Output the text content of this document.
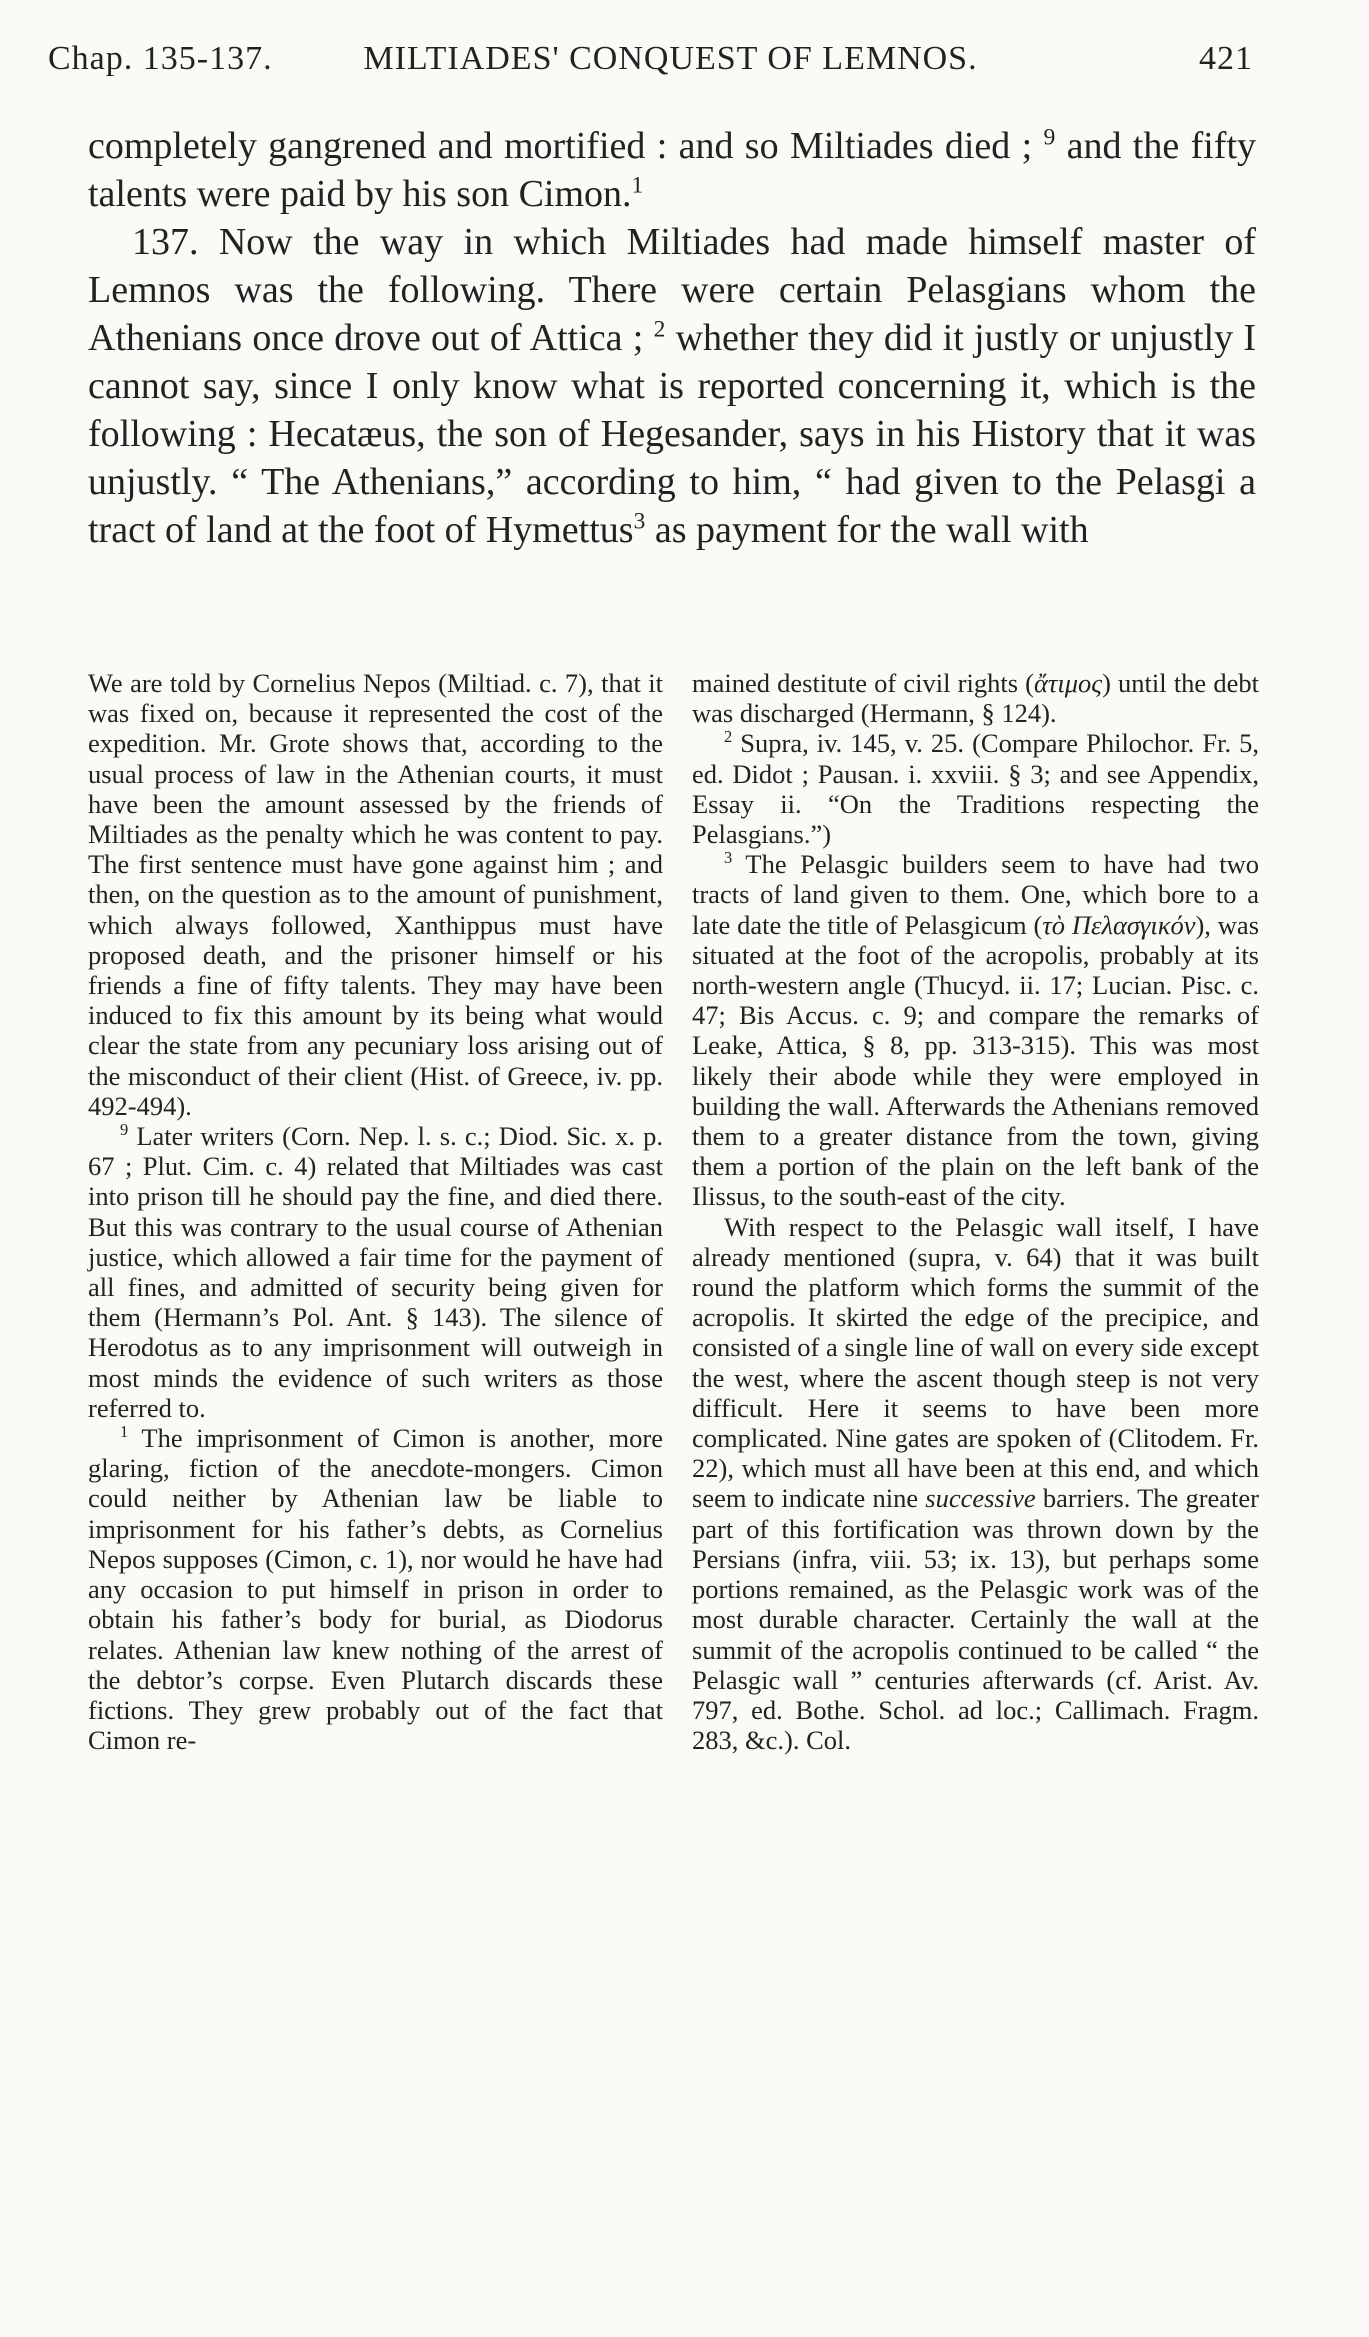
Chap. 135-137.	MILTIADES' CONQUEST OF LEMNOS.	421

completely gangrened and mortified : and so Miltiades died ; $^9$ and the fifty talents were paid by his son Cimon.$^1$

137. Now the way in which Miltiades had made himself master of Lemnos was the following. There were certain Pelasgians whom the Athenians once drove out of Attica ; $^2$ whether they did it justly or unjustly I cannot say, since I only know what is reported concerning it, which is the following : Hecatæus, the son of Hegesander, says in his History that it was unjustly. “ The Athenians,” according to him, “ had given to the Pelasgi a tract of land at the foot of Hymettus$^3$ as payment for the wall with

We are told by Cornelius Nepos (Miltiad. c. 7), that it was fixed on, because it represented the cost of the expedition. Mr. Grote shows that, according to the usual process of law in the Athenian courts, it must have been the amount assessed by the friends of Miltiades as the penalty which he was content to pay. The first sentence must have gone against him ; and then, on the question as to the amount of punishment, which always followed, Xanthippus must have proposed death, and the prisoner himself or his friends a fine of fifty talents. They may have been induced to fix this amount by its being what would clear the state from any pecuniary loss arising out of the misconduct of their client (Hist. of Greece, iv. pp. 492-494).

$^9$ Later writers (Corn. Nep. l. s. c.; Diod. Sic. x. p. 67 ; Plut. Cim. c. 4) related that Miltiades was cast into prison till he should pay the fine, and died there. But this was contrary to the usual course of Athenian justice, which allowed a fair time for the payment of all fines, and admitted of security being given for them (Hermann’s Pol. Ant. § 143). The silence of Herodotus as to any imprisonment will outweigh in most minds the evidence of such writers as those referred to.

$^1$ The imprisonment of Cimon is another, more glaring, fiction of the anecdote-mongers. Cimon could neither by Athenian law be liable to imprisonment for his father’s debts, as Cornelius Nepos supposes (Cimon, c. 1), nor would he have had any occasion to put himself in prison in order to obtain his father’s body for burial, as Diodorus relates. Athenian law knew nothing of the arrest of the debtor’s corpse. Even Plutarch discards these fictions. They grew probably out of the fact that Cimon re-

mained destitute of civil rights (ἄτιμος) until the debt was discharged (Hermann, § 124).

$^2$ Supra, iv. 145, v. 25. (Compare Philochor. Fr. 5, ed. Didot ; Pausan. i. xxviii. § 3; and see Appendix, Essay ii. “On the Traditions respecting the Pelasgians.”)

$^3$ The Pelasgic builders seem to have had two tracts of land given to them. One, which bore to a late date the title of Pelasgicum (τὸ Πελασγικόν), was situated at the foot of the acropolis, probably at its north-western angle (Thucyd. ii. 17; Lucian. Pisc. c. 47; Bis Accus. c. 9; and compare the remarks of Leake, Attica, § 8, pp. 313-315). This was most likely their abode while they were employed in building the wall. Afterwards the Athenians removed them to a greater distance from the town, giving them a portion of the plain on the left bank of the Ilissus, to the south-east of the city.

With respect to the Pelasgic wall itself, I have already mentioned (supra, v. 64) that it was built round the platform which forms the summit of the acropolis. It skirted the edge of the precipice, and consisted of a single line of wall on every side except the west, where the ascent though steep is not very difficult. Here it seems to have been more complicated. Nine gates are spoken of (Clitodem. Fr. 22), which must all have been at this end, and which seem to indicate nine successive barriers. The greater part of this fortification was thrown down by the Persians (infra, viii. 53; ix. 13), but perhaps some portions remained, as the Pelasgic work was of the most durable character. Certainly the wall at the summit of the acropolis continued to be called “ the Pelasgic wall ” centuries afterwards (cf. Arist. Av. 797, ed. Bothe. Schol. ad loc.; Callimach. Fragm. 283, &c.). Col.
